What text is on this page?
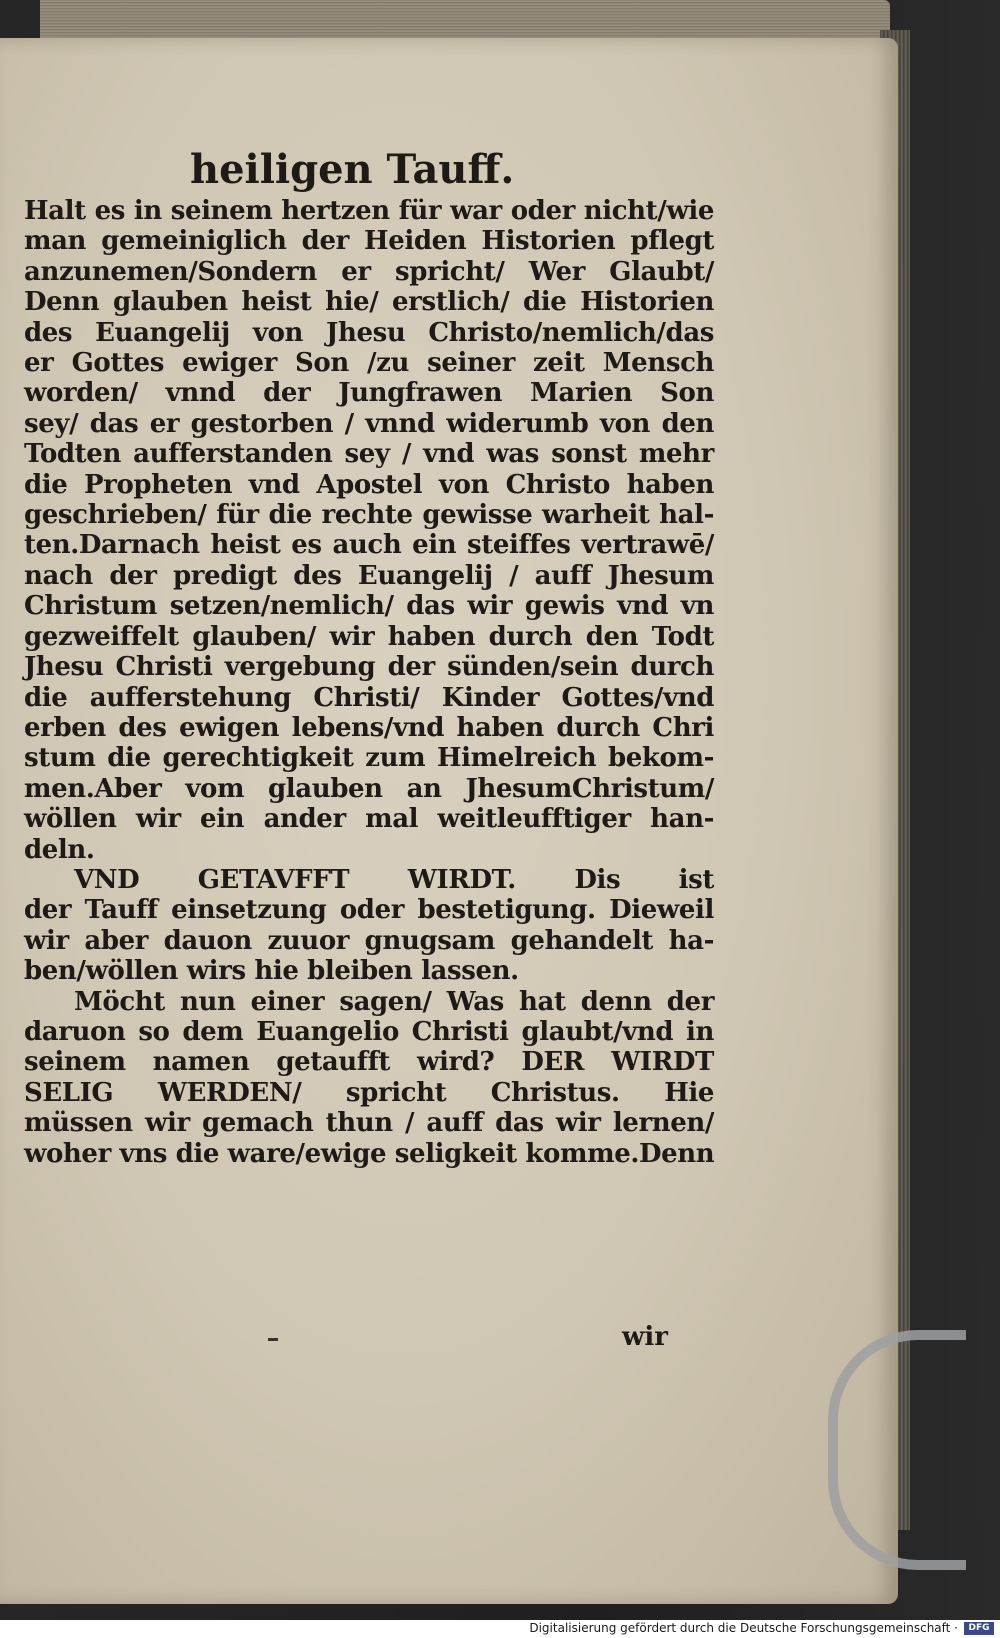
heiligen Tauff.
Halt es in seinem hertzen für war oder nicht/wie
man gemeiniglich der Heiden Historien pflegt
anzunemen/Sondern er spricht/ Wer Glaubt/
Denn glauben heist hie/ erstlich/ die Historien
des Euangelij von Jhesu Christo/nemlich/das
er Gottes ewiger Son /zu seiner zeit Mensch
worden/ vnnd der Jungfrawen Marien Son
sey/ das er gestorben / vnnd widerumb von den
Todten aufferstanden sey / vnd was sonst mehr
die Propheten vnd Apostel von Christo haben
geschrieben/ für die rechte gewisse warheit hal-
ten.Darnach heist es auch ein steiffes vertrawē/
nach der predigt des Euangelij / auff Jhesum
Christum setzen/nemlich/ das wir gewis vnd vn
gezweiffelt glauben/ wir haben durch den Todt
Jhesu Christi vergebung der sünden/sein durch
die aufferstehung Christi/ Kinder Gottes/vnd
erben des ewigen lebens/vnd haben durch Chri
stum die gerechtigkeit zum Himelreich bekom-
men.Aber vom glauben an JhesumChristum/
wöllen wir ein ander mal weitleufftiger han-
deln.
VND GETAVFFT WIRDT. Dis ist
der Tauff einsetzung oder bestetigung. Dieweil
wir aber dauon zuuor gnugsam gehandelt ha-
ben/wöllen wirs hie bleiben lassen.
Möcht nun einer sagen/ Was hat denn der
daruon so dem Euangelio Christi glaubt/vnd in
seinem namen getaufft wird? DER WIRDT
SELIG WERDEN/ spricht Christus. Hie
müssen wir gemach thun / auff das wir lernen/
woher vns die ware/ewige seligkeit komme.Denn
wir
Digitalisierung gefördert durch die Deutsche Forschungsgemeinschaft ·	DFG
